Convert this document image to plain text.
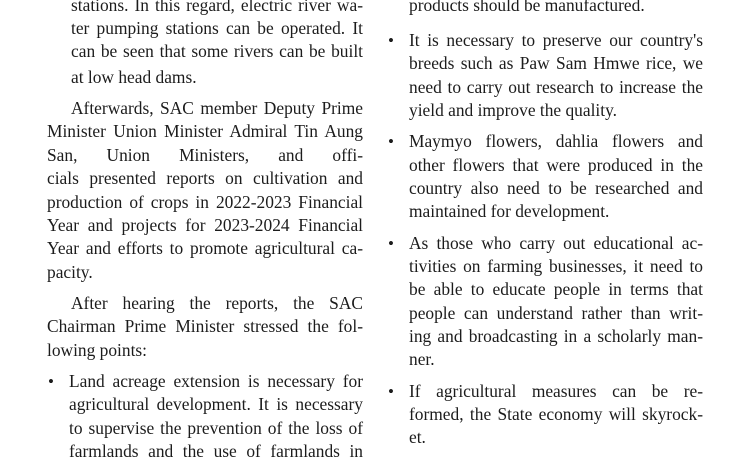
stations. In this regard, electric river wa-
ter pumping stations can be operated. It
can be seen that some rivers can be built
at low head dams.
Afterwards, SAC member Deputy Prime
Minister Union Minister Admiral Tin Aung
San, Union Ministers, and offi-
cials presented reports on cultivation and
production of crops in 2022-2023 Financial
Year and projects for 2023-2024 Financial
Year and efforts to promote agricultural ca-
pacity.
After hearing the reports, the SAC
Chairman Prime Minister stressed the fol-
lowing points:
• Land acreage extension is necessary for
agricultural development. It is necessary
to supervise the prevention of the loss of
farmlands and the use of farmlands in
products should be manufactured.
• It is necessary to preserve our country's
breeds such as Paw Sam Hmwe rice, we
need to carry out research to increase the
yield and improve the quality.
• Maymyo flowers, dahlia flowers and
other flowers that were produced in the
country also need to be researched and
maintained for development.
• As those who carry out educational ac-
tivities on farming businesses, it need to
be able to educate people in terms that
people can understand rather than writ-
ing and broadcasting in a scholarly man-
ner.
• If agricultural measures can be re-
formed, the State economy will skyrock-
et.
